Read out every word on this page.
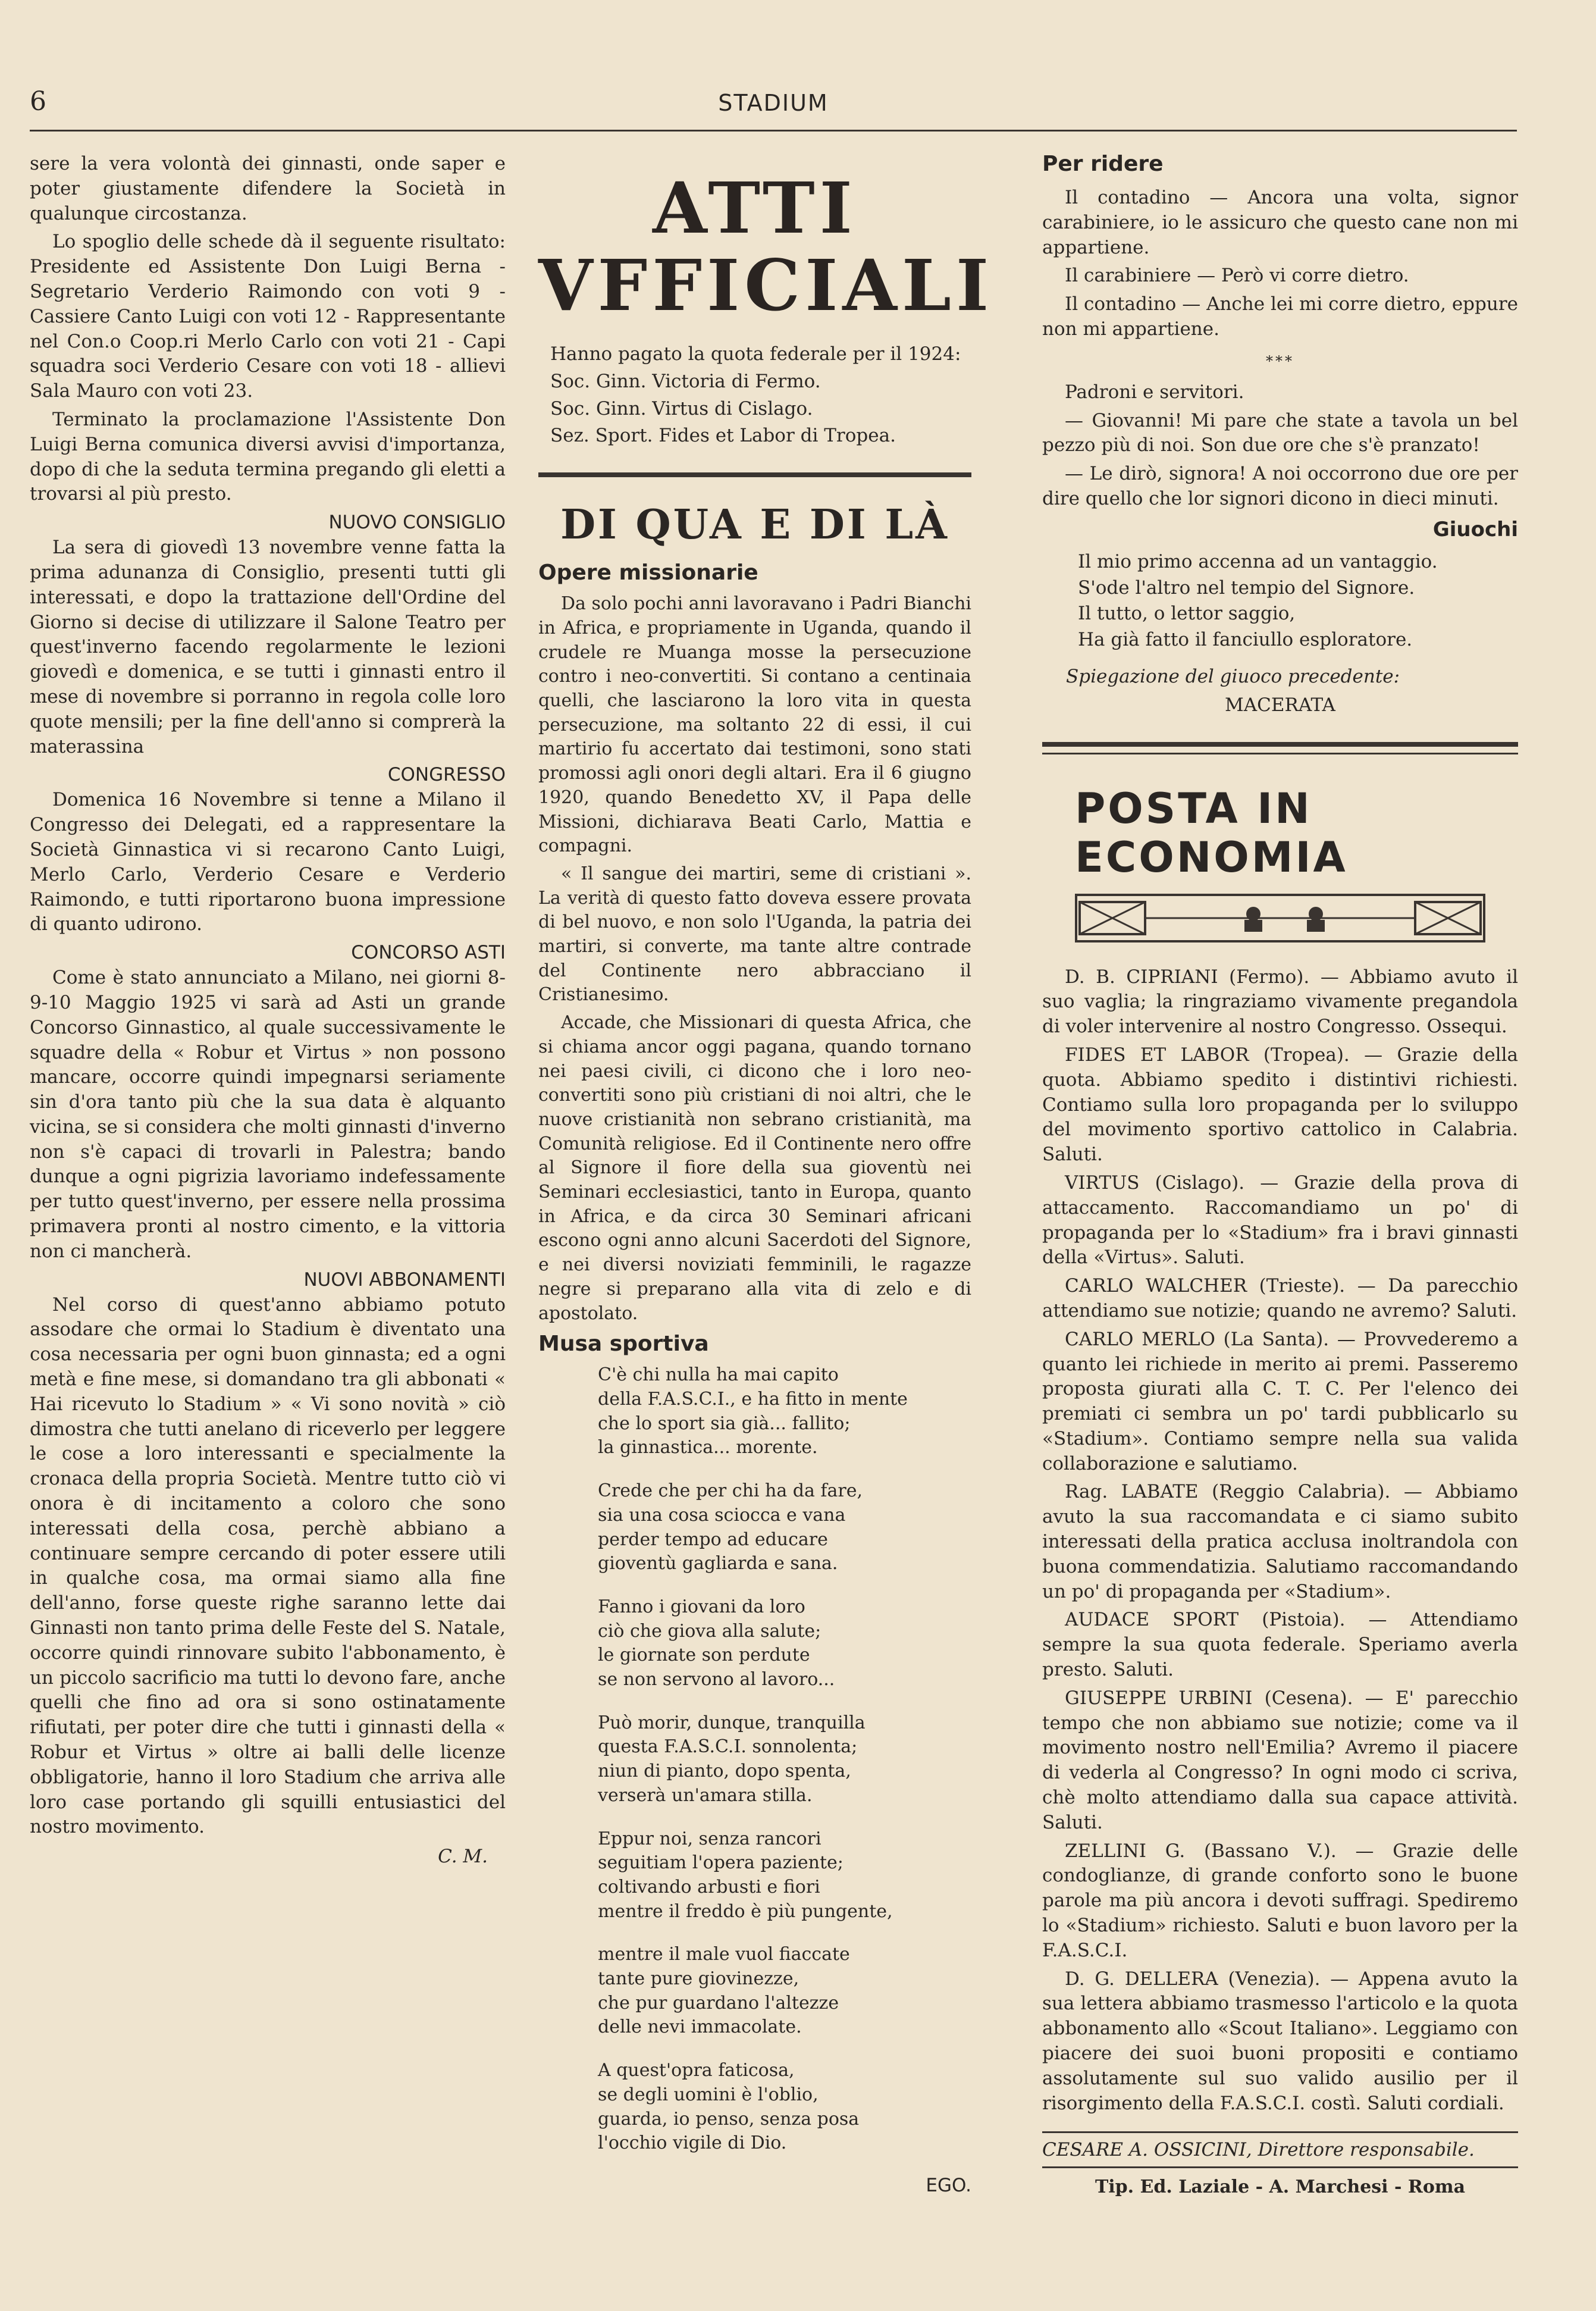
6	STADIUM

sere la vera volontà dei ginnasti, onde saper e poter giustamente difendere la Società in qualunque circostanza.

Lo spoglio delle schede dà il seguente risultato: Presidente ed Assistente Don Luigi Berna - Segretario Verderio Raimondo con voti 9 - Cassiere Canto Luigi con voti 12 - Rappresentante nel Con.o Coop.ri Merlo Carlo con voti 21 - Capi squadra soci Verderio Cesare con voti 18 - allievi Sala Mauro con voti 23.

Terminato la proclamazione l'Assistente Don Luigi Berna comunica diversi avvisi d'importanza, dopo di che la seduta termina pregando gli eletti a trovarsi al più presto.

NUOVO CONSIGLIO

La sera di giovedì 13 novembre venne fatta la prima adunanza di Consiglio, presenti tutti gli interessati, e dopo la trattazione dell'Ordine del Giorno si decise di utilizzare il Salone Teatro per quest'inverno facendo regolarmente le lezioni giovedì e domenica, e se tutti i ginnasti entro il mese di novembre si porranno in regola colle loro quote mensili; per la fine dell'anno si comprerà la materassina

CONGRESSO

Domenica 16 Novembre si tenne a Milano il Congresso dei Delegati, ed a rappresentare la Società Ginnastica vi si recarono Canto Luigi, Merlo Carlo, Verderio Cesare e Verderio Raimondo, e tutti riportarono buona impressione di quanto udirono.

CONCORSO ASTI

Come è stato annunciato a Milano, nei giorni 8-9-10 Maggio 1925 vi sarà ad Asti un grande Concorso Ginnastico, al quale successivamente le squadre della « Robur et Virtus » non possono mancare, occorre quindi impegnarsi seriamente sin d'ora tanto più che la sua data è alquanto vicina, se si considera che molti ginnasti d'inverno non s'è capaci di trovarli in Palestra; bando dunque a ogni pigrizia lavoriamo indefessamente per tutto quest'inverno, per essere nella prossima primavera pronti al nostro cimento, e la vittoria non ci mancherà.

NUOVI ABBONAMENTI

Nel corso di quest'anno abbiamo potuto assodare che ormai lo Stadium è diventato una cosa necessaria per ogni buon ginnasta; ed a ogni metà e fine mese, si domandano tra gli abbonati « Hai ricevuto lo Stadium » « Vi sono novità » ciò dimostra che tutti anelano di riceverlo per leggere le cose a loro interessanti e specialmente la cronaca della propria Società. Mentre tutto ciò vi onora è di incitamento a coloro che sono interessati della cosa, perchè abbiano a continuare sempre cercando di poter essere utili in qualche cosa, ma ormai siamo alla fine dell'anno, forse queste righe saranno lette dai Ginnasti non tanto prima delle Feste del S. Natale, occorre quindi rinnovare subito l'abbonamento, è un piccolo sacrificio ma tutti lo devono fare, anche quelli che fino ad ora si sono ostinatamente rifiutati, per poter dire che tutti i ginnasti della « Robur et Virtus » oltre ai balli delle licenze obbligatorie, hanno il loro Stadium che arriva alle loro case portando gli squilli entusiastici del nostro movimento.

C. M.
ATTI VFFICIALI

Hanno pagato la quota federale per il 1924:

Soc. Ginn. Victoria di Fermo.

Soc. Ginn. Virtus di Cislago.

Sez. Sport. Fides et Labor di Tropea.

DI QUA E DI LÀ
Opere missionarie

Da solo pochi anni lavoravano i Padri Bianchi in Africa, e propriamente in Uganda, quando il crudele re Muanga mosse la persecuzione contro i neo-convertiti. Si contano a centinaia quelli, che lasciarono la loro vita in questa persecuzione, ma soltanto 22 di essi, il cui martirio fu accertato dai testimoni, sono stati promossi agli onori degli altari. Era il 6 giugno 1920, quando Benedetto XV, il Papa delle Missioni, dichiarava Beati Carlo, Mattia e compagni.

« Il sangue dei martiri, seme di cristiani ». La verità di questo fatto doveva essere provata di bel nuovo, e non solo l'Uganda, la patria dei martiri, si converte, ma tante altre contrade del Continente nero abbracciano il Cristianesimo.

Accade, che Missionari di questa Africa, che si chiama ancor oggi pagana, quando tornano nei paesi civili, ci dicono che i loro neo-convertiti sono più cristiani di noi altri, che le nuove cristianità non sebrano cristianità, ma Comunità religiose. Ed il Continente nero offre al Signore il fiore della sua gioventù nei Seminari ecclesiastici, tanto in Europa, quanto in Africa, e da circa 30 Seminari africani escono ogni anno alcuni Sacerdoti del Signore, e nei diversi noviziati femminili, le ragazze negre si preparano alla vita di zelo e di apostolato.

Musa sportiva

C'è chi nulla ha mai capito

della F.A.S.C.I., e ha fitto in mente

che lo sport sia già... fallito;

la ginnastica... morente.

Crede che per chi ha da fare,

sia una cosa sciocca e vana

perder tempo ad educare

gioventù gagliarda e sana.

Fanno i giovani da loro

ciò che giova alla salute;

le giornate son perdute

se non servono al lavoro...

Può morir, dunque, tranquilla

questa F.A.S.C.I. sonnolenta;

niun di pianto, dopo spenta,

verserà un'amara stilla.

Eppur noi, senza rancori

seguitiam l'opera paziente;

coltivando arbusti e fiori

mentre il freddo è più pungente,

mentre il male vuol fiaccate

tante pure giovinezze,

che pur guardano l'altezze

delle nevi immacolate.

A quest'opra faticosa,

se degli uomini è l'oblio,

guarda, io penso, senza posa

l'occhio vigile di Dio.

EGO.
Per ridere

Il contadino — Ancora una volta, signor carabiniere, io le assicuro che questo cane non mi appartiene.

Il carabiniere — Però vi corre dietro.

Il contadino — Anche lei mi corre dietro, eppure non mi appartiene.

***

Padroni e servitori.

— Giovanni! Mi pare che state a tavola un bel pezzo più di noi. Son due ore che s'è pranzato!

— Le dirò, signora! A noi occorrono due ore per dire quello che lor signori dicono in dieci minuti.

Giuochi

Il mio primo accenna ad un vantaggio.

S'ode l'altro nel tempio del Signore.

Il tutto, o lettor saggio,

Ha già fatto il fanciullo esploratore.

Spiegazione del giuoco precedente:

MACERATA

POSTA IN ECONOMIA

D. B. CIPRIANI (Fermo). — Abbiamo avuto il suo vaglia; la ringraziamo vivamente pregandola di voler intervenire al nostro Congresso. Ossequi.

FIDES ET LABOR (Tropea). — Grazie della quota. Abbiamo spedito i distintivi richiesti. Contiamo sulla loro propaganda per lo sviluppo del movimento sportivo cattolico in Calabria. Saluti.

VIRTUS (Cislago). — Grazie della prova di attaccamento. Raccomandiamo un po' di propaganda per lo «Stadium» fra i bravi ginnasti della «Virtus». Saluti.

CARLO WALCHER (Trieste). — Da parecchio attendiamo sue notizie; quando ne avremo? Saluti.

CARLO MERLO (La Santa). — Provvederemo a quanto lei richiede in merito ai premi. Passeremo proposta giurati alla C. T. C. Per l'elenco dei premiati ci sembra un po' tardi pubblicarlo su «Stadium». Contiamo sempre nella sua valida collaborazione e salutiamo.

Rag. LABATE (Reggio Calabria). — Abbiamo avuto la sua raccomandata e ci siamo subito interessati della pratica acclusa inoltrandola con buona commendatizia. Salutiamo raccomandando un po' di propaganda per «Stadium».

AUDACE SPORT (Pistoia). — Attendiamo sempre la sua quota federale. Speriamo averla presto. Saluti.

GIUSEPPE URBINI (Cesena). — E' parecchio tempo che non abbiamo sue notizie; come va il movimento nostro nell'Emilia? Avremo il piacere di vederla al Congresso? In ogni modo ci scriva, chè molto attendiamo dalla sua capace attività. Saluti.

ZELLINI G. (Bassano V.). — Grazie delle condoglianze, di grande conforto sono le buone parole ma più ancora i devoti suffragi. Spediremo lo «Stadium» richiesto. Saluti e buon lavoro per la F.A.S.C.I.

D. G. DELLERA (Venezia). — Appena avuto la sua lettera abbiamo trasmesso l'articolo e la quota abbonamento allo «Scout Italiano». Leggiamo con piacere dei suoi buoni propositi e contiamo assolutamente sul suo valido ausilio per il risorgimento della F.A.S.C.I. costì. Saluti cordiali.

CESARE A. OSSICINI, Direttore responsabile.
Tip. Ed. Laziale - A. Marchesi - Roma
